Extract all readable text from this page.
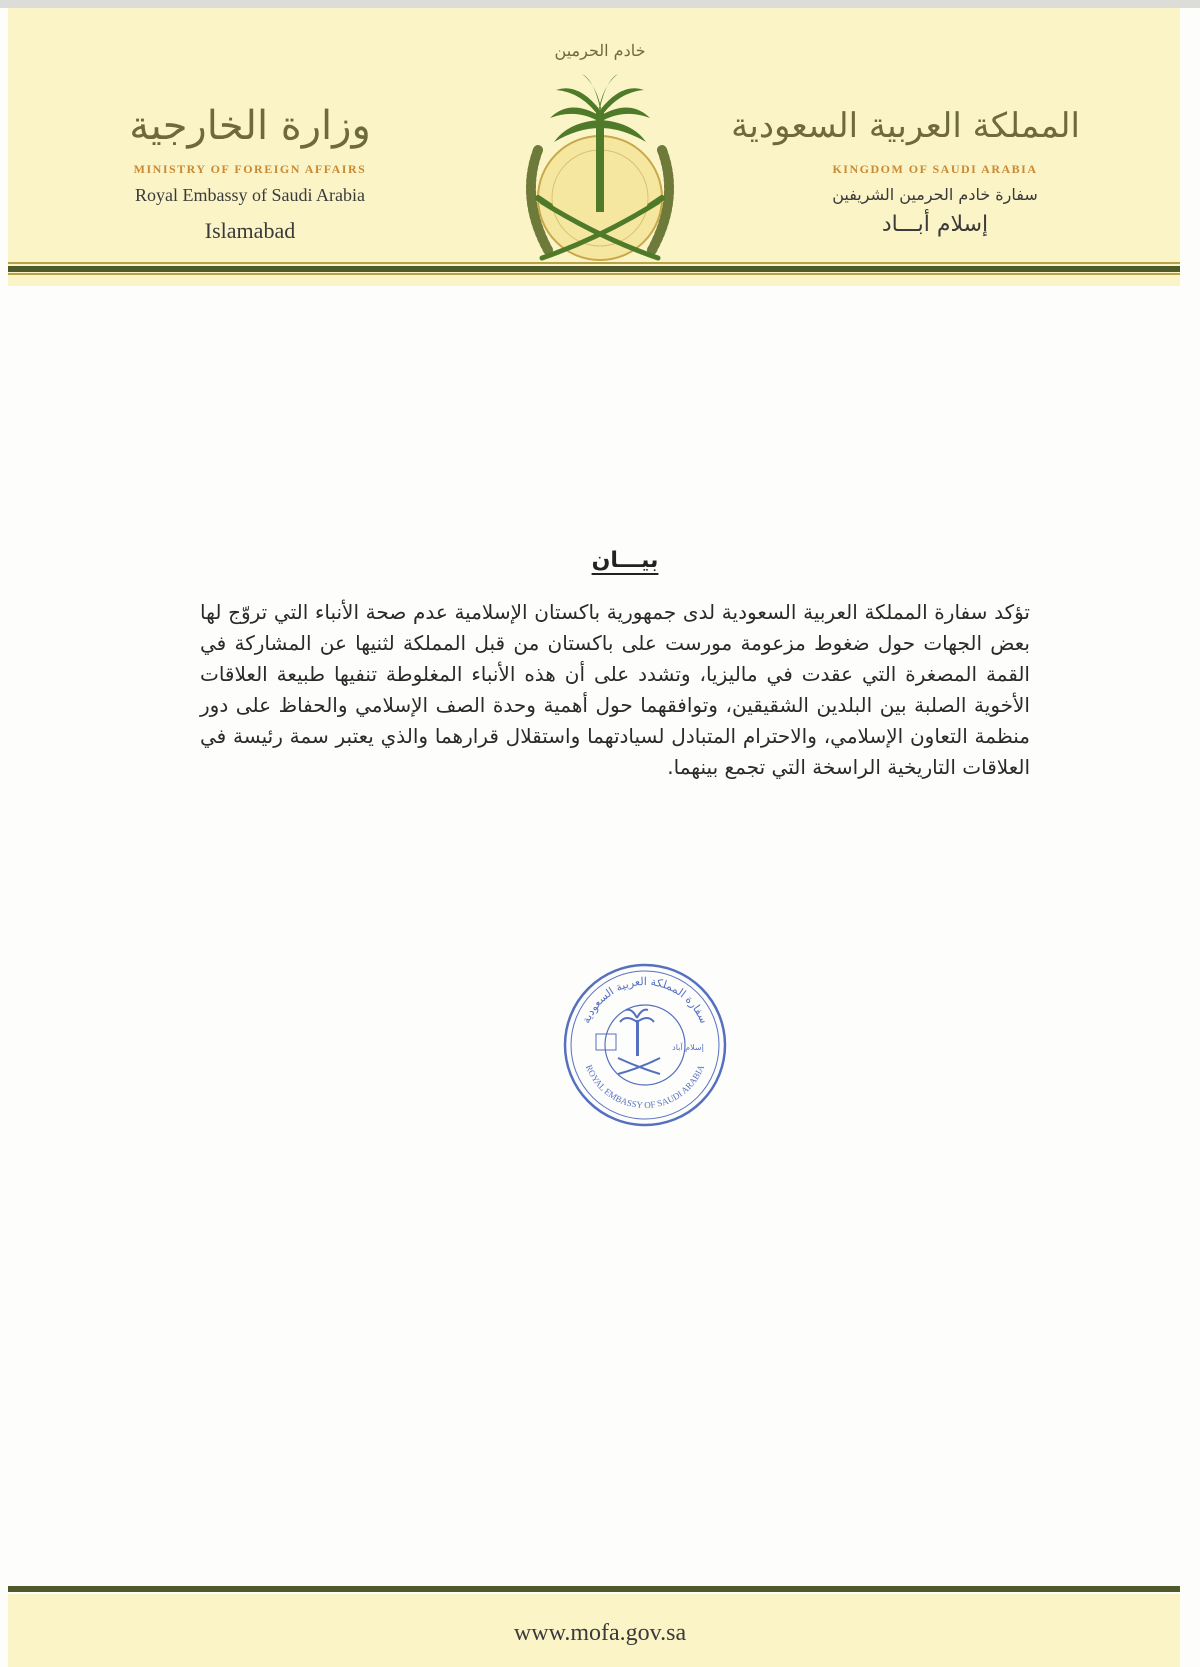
وزارة الخارجية
MINISTRY OF FOREIGN AFFAIRS
Royal Embassy of Saudi Arabia
Islamabad
المملكة العربية السعودية
KINGDOM OF SAUDI ARABIA
سفارة خادم الحرمين الشريفين
إسلام أبـــاد
خادم الحرمين
بيـــان

تؤكد سفارة المملكة العربية السعودية لدى جمهورية باكستان الإسلامية عدم صحة الأنباء التي تروّج لها بعض الجهات حول ضغوط مزعومة مورست على باكستان من قبل المملكة لثنيها عن المشاركة في القمة المصغرة التي عقدت في ماليزيا، وتشدد على أن هذه الأنباء المغلوطة تنفيها طبيعة العلاقات الأخوية الصلبة بين البلدين الشقيقين، وتوافقهما حول أهمية وحدة الصف الإسلامي والحفاظ على دور منظمة التعاون الإسلامي، والاحترام المتبادل لسيادتهما واستقلال قرارهما والذي يعتبر سمة رئيسة في العلاقات التاريخية الراسخة التي تجمع بينهما.

سفارة المملكة العربية السعودية
ROYAL EMBASSY OF SAUDI ARABIA
إسلام آباد
www.mofa.gov.sa
